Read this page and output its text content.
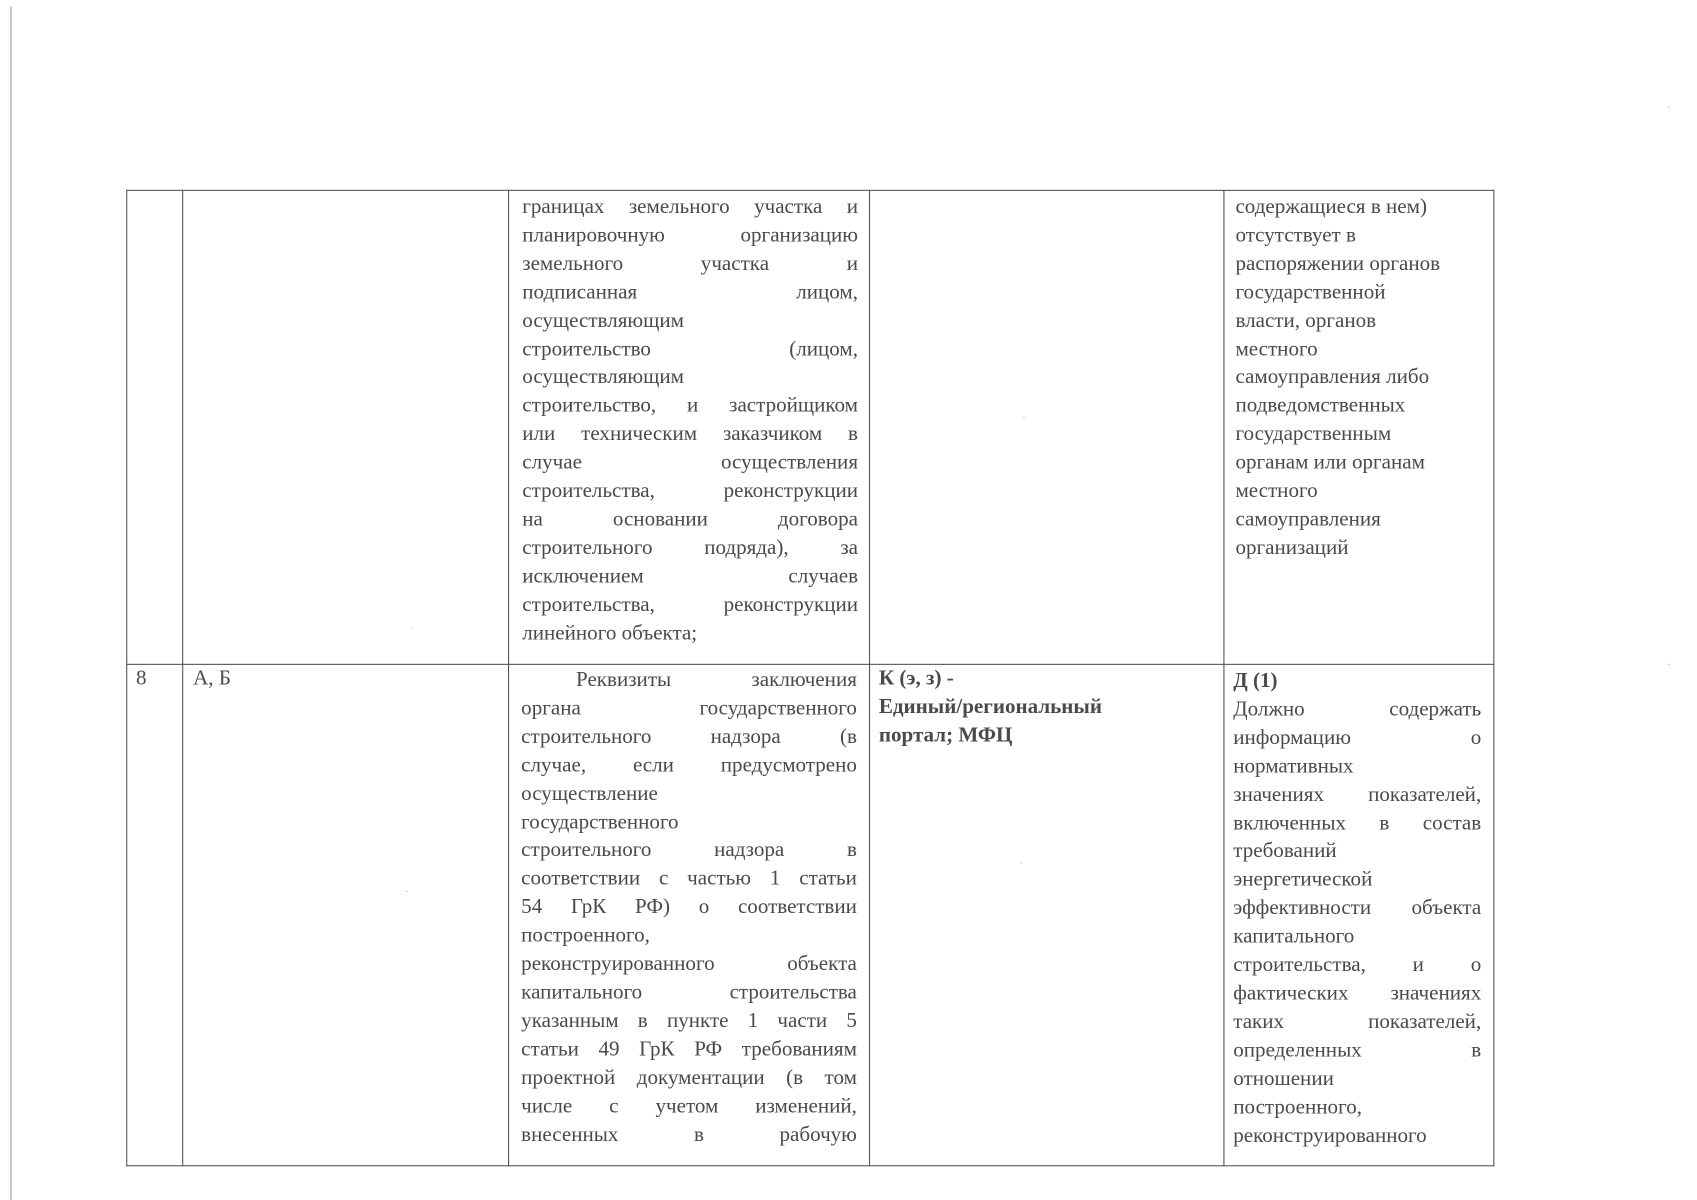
границах земельного участка и
планировочную организацию
земельного участка и
подписанная лицом,
осуществляющим
строительство (лицом,
осуществляющим
строительство, и застройщиком
или техническим заказчиком в
случае осуществления
строительства, реконструкции
на основании договора
строительного подряда), за
исключением случаев
строительства, реконструкции
линейного объекта;
содержащиеся в нем)
отсутствует в
распоряжении органов
государственной
власти, органов
местного
самоуправления либо
подведомственных
государственным
органам или органам
местного
самоуправления
организаций
8 А, Б	Реквизиты заключения
органа государственного
строительного надзора (в
случае, если предусмотрено
осуществление
государственного
строительного надзора в
соответствии с частью 1 статьи
54 ГрК РФ) о соответствии
построенного,
реконструированного объекта
капитального строительства
указанным в пункте 1 части 5
статьи 49 ГрК РФ требованиям
проектной документации (в том
числе с учетом изменений,
внесенных в рабочую
К (э, з) -
Единый/региональный
портал; МФЦ
Д (1)
Должно содержать
информацию о
нормативных
значениях показателей,
включенных в состав
требований
энергетической
эффективности объекта
капитального
строительства, и о
фактических значениях
таких показателей,
определенных в
отношении
построенного,
реконструированного
